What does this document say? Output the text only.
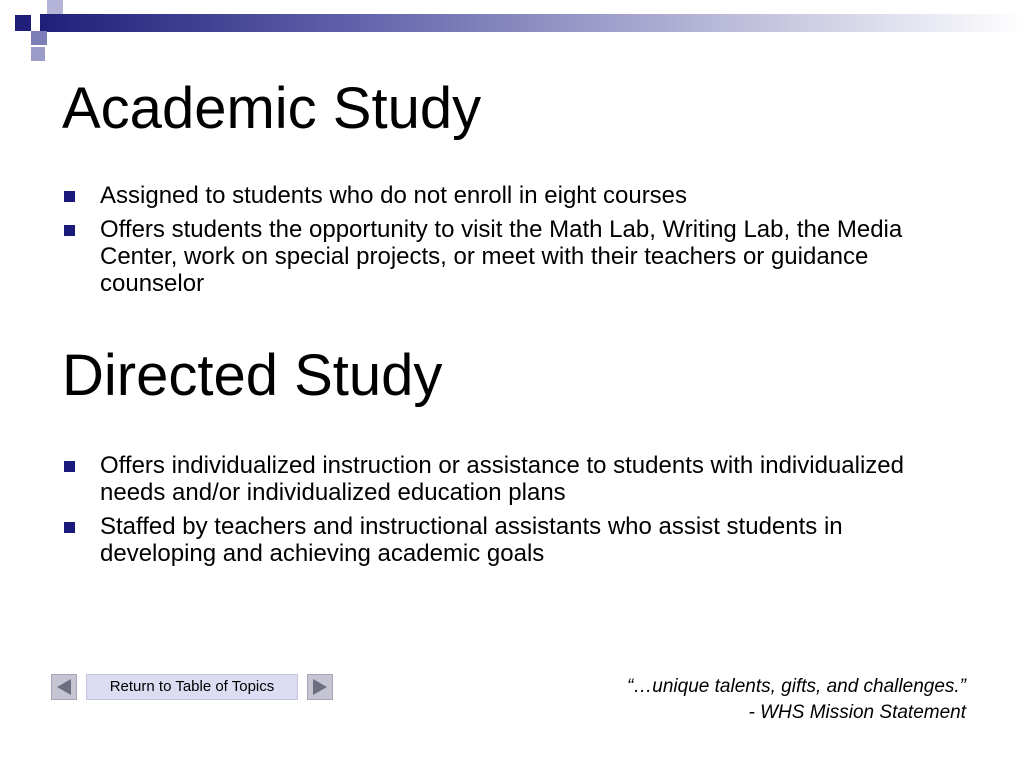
Academic Study
Assigned to students who do not enroll in eight courses
Offers students the opportunity to visit the Math Lab, Writing Lab, the Media Center, work on special projects, or meet with their teachers or guidance counselor
Directed Study
Offers individualized instruction or assistance to students with individualized needs and/or individualized education plans
Staffed by teachers and instructional assistants who assist students in developing and achieving academic goals
Return to Table of Topics	“…unique talents, gifts, and challenges.”

- WHS Mission Statement
